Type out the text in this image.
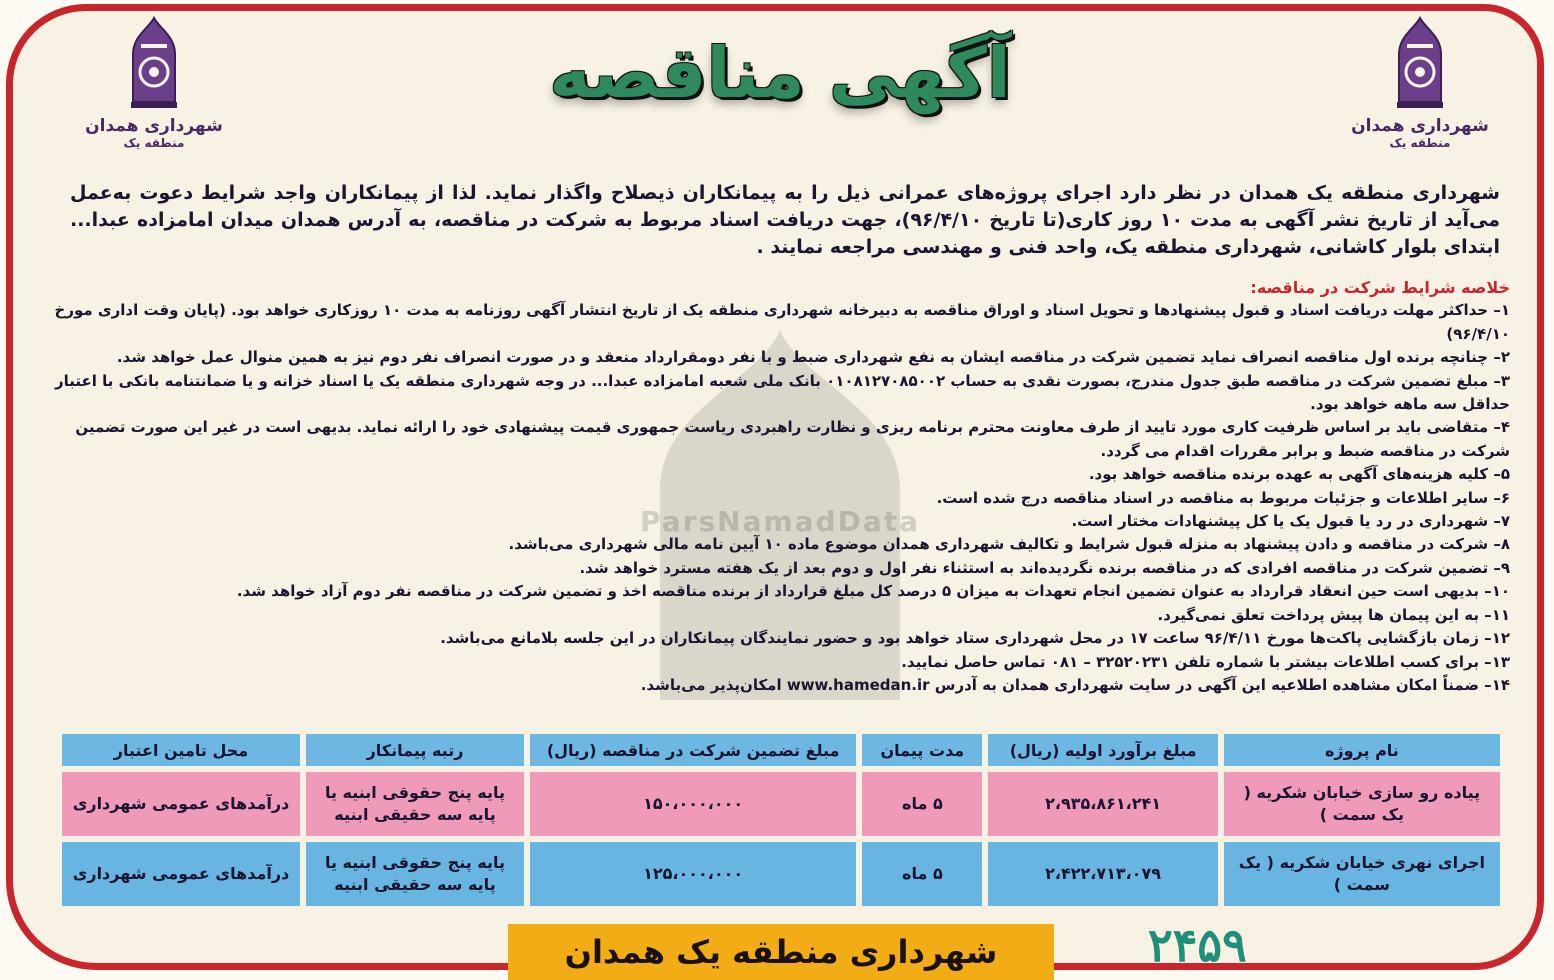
شهرداری همدان
منطقه یک
شهرداری همدان
منطقه یک
آگهی مناقصه
شهرداری منطقه یک همدان در نظر دارد اجرای پروژه‌های عمرانی ذیل را به پیمانکاران ذیصلاح واگذار نماید. لذا از پیمانکاران واجد شرایط دعوت به‌عمل می‌آید از تاریخ نشر آگهی به مدت ۱۰ روز کاری(تا تاریخ ۹۶/۴/۱۰)، جهت دریافت اسناد مربوط به شرکت در مناقصه، به آدرس همدان میدان امامزاده عبدا... ابتدای بلوار کاشانی، شهرداری منطقه یک، واحد فنی و مهندسی مراجعه نمایند .
ParsNamadData
خلاصه شرایط شرکت در مناقصه:

۱– حداکثر مهلت دریافت اسناد و قبول پیشنهادها و تحویل اسناد و اوراق مناقصه به دبیرخانه شهرداری منطقه یک از تاریخ انتشار آگهی روزنامه به مدت ۱۰ روزکاری خواهد بود. (پایان وقت اداری مورخ ۹۶/۴/۱۰)

۲– چنانچه برنده اول مناقصه انصراف نماید تضمین شرکت در مناقصه ایشان به نفع شهرداری ضبط و با نفر دومقرارداد منعقد و در صورت انصراف نفر دوم نیز به همین منوال عمل خواهد شد.

۳– مبلغ تضمین شرکت در مناقصه طبق جدول مندرج، بصورت نقدی به حساب ۰۱۰۸۱۲۷۰۸۵۰۰۲ بانک ملی شعبه امامزاده عبدا... در وجه شهرداری منطقه یک یا اسناد خزانه و یا ضمانتنامه بانکی با اعتبار حداقل سه ماهه خواهد بود.

۴– متقاضی باید بر اساس ظرفیت کاری مورد تایید از طرف معاونت محترم برنامه ریزی و نظارت راهبردی ریاست جمهوری قیمت پیشنهادی خود را ارائه نماید. بدیهی است در غیر این صورت تضمین شرکت در مناقصه ضبط و برابر مقررات اقدام می گردد.

۵– کلیه هزینه‌های آگهی به عهده برنده مناقصه خواهد بود.

۶– سایر اطلاعات و جزئیات مربوط به مناقصه در اسناد مناقصه درج شده است.

۷– شهرداری در رد یا قبول یک یا کل پیشنهادات مختار است.

۸– شرکت در مناقصه و دادن پیشنهاد به منزله قبول شرایط و تکالیف شهرداری همدان موضوع ماده ۱۰ آیین نامه مالی شهرداری می‌باشد.

۹– تضمین شرکت در مناقصه افرادی که در مناقصه برنده نگردیده‌اند به استثناء نفر اول و دوم بعد از یک هفته مسترد خواهد شد.

۱۰– بدیهی است حین انعقاد قرارداد به عنوان تضمین انجام تعهدات به میزان ۵ درصد کل مبلغ قرارداد از برنده مناقصه اخذ و تضمین شرکت در مناقصه نفر دوم آزاد خواهد شد.

۱۱– به این پیمان ها پیش پرداخت تعلق نمی‌گیرد.

۱۲– زمان بازگشایی پاکت‌ها مورخ ۹۶/۴/۱۱ ساعت ۱۷ در محل شهرداری ستاد خواهد بود و حضور نمایندگان پیمانکاران در این جلسه بلامانع می‌باشد.

۱۳– برای کسب اطلاعات بیشتر با شماره تلفن ۳۲۵۲۰۲۳۱ – ۰۸۱ تماس حاصل نمایید.

۱۴– ضمناً امکان مشاهده اطلاعیه این آگهی در سایت شهرداری همدان به آدرس www.hamedan.ir امکان‌پذیر می‌باشد.

نام پروژه	مبلغ برآورد اولیه (ریال)	مدت پیمان	مبلغ تضمین شرکت در مناقصه (ریال)	رتبه پیمانکار	محل تامین اعتبار
پیاده رو سازی خیابان شکریه ( یک سمت )	۲،۹۳۵،۸۶۱،۲۴۱	۵ ماه	۱۵۰،۰۰۰،۰۰۰	پایه پنج حقوقی ابنیه یا پایه سه حقیقی ابنیه	درآمدهای عمومی شهرداری
اجرای نهری خیابان شکریه ( یک سمت )	۲،۴۲۲،۷۱۳،۰۷۹	۵ ماه	۱۲۵،۰۰۰،۰۰۰	پایه پنج حقوقی ابنیه یا پایه سه حقیقی ابنیه	درآمدهای عمومی شهرداری
شهرداری منطقه یک همدان	۲۴۵۹
